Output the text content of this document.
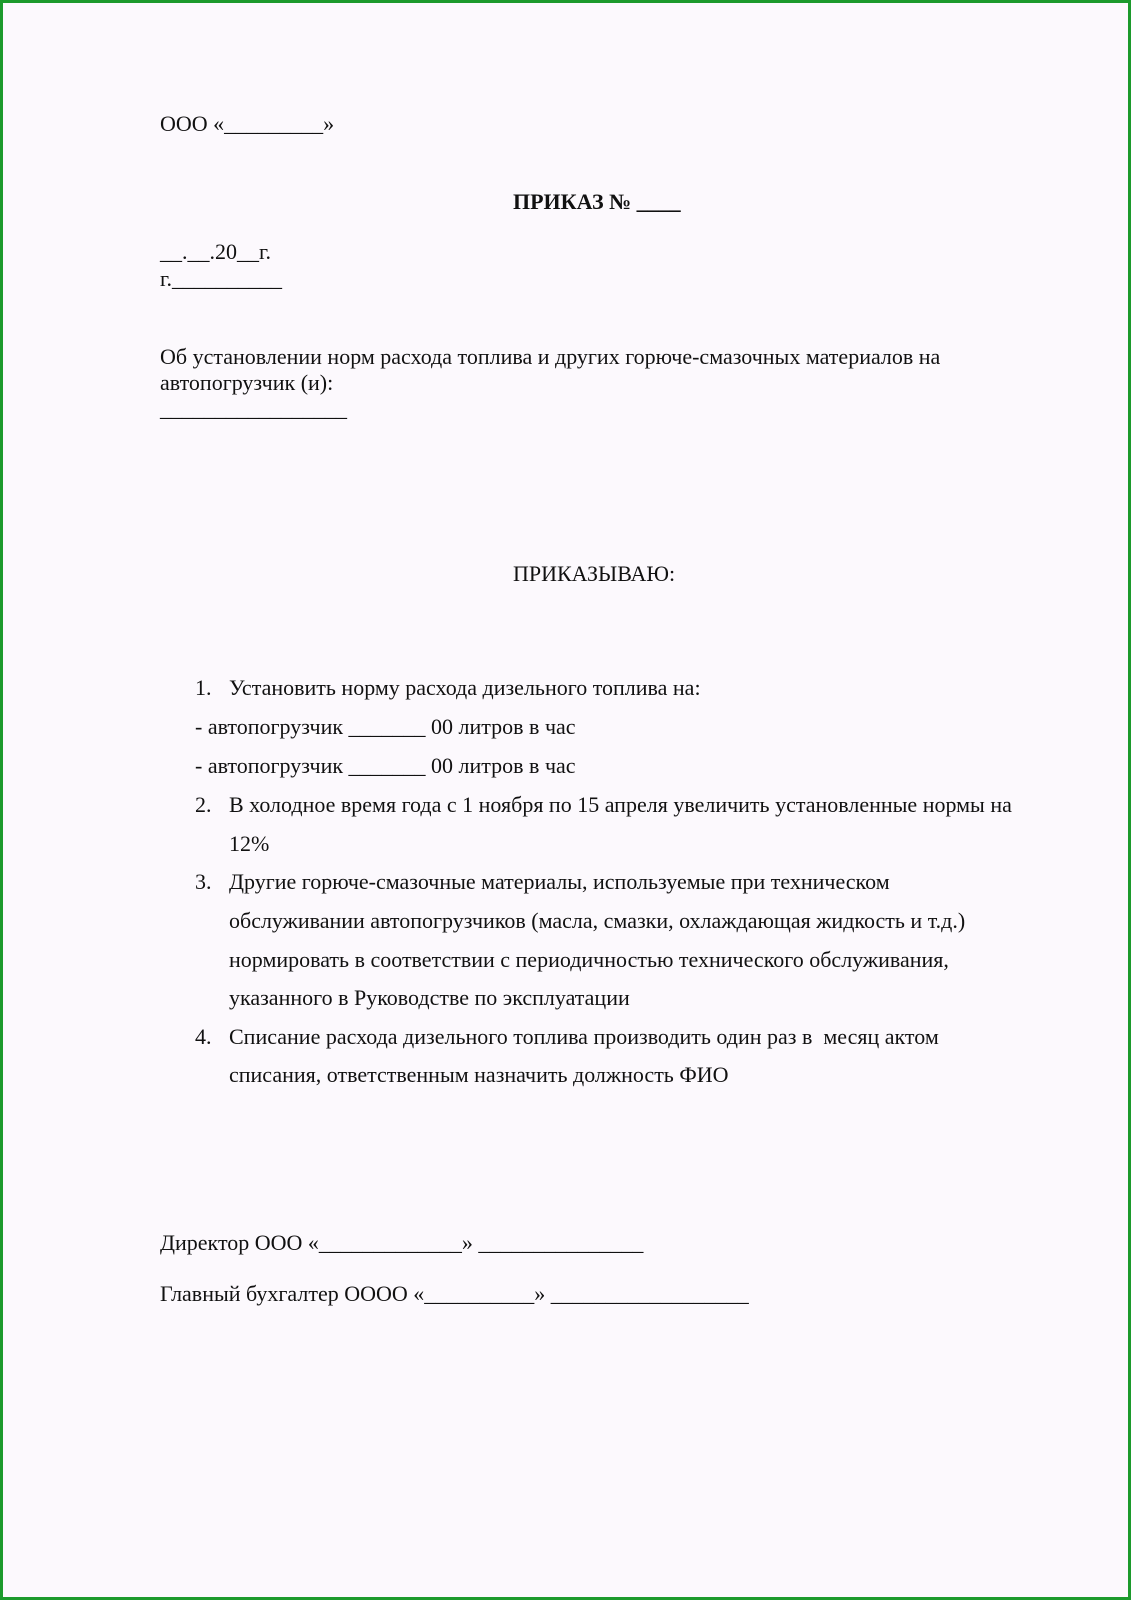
ООО «_________»
ПРИКАЗ № ____
__.__.20__г.
г.__________
Об установлении норм расхода топлива и других горюче-смазочных материалов на
автопогрузчик (и):
_________________
ПРИКАЗЫВАЮ:
1. Установить норму расхода дизельного топлива на:
- автопогрузчик _______ 00 литров в час
- автопогрузчик _______ 00 литров в час
2. В холодное время года с 1 ноября по 15 апреля увеличить установленные нормы на
12%
3. Другие горюче-смазочные материалы, используемые при техническом
обслуживании автопогрузчиков (масла, смазки, охлаждающая жидкость и т.д.)
нормировать в соответствии с периодичностью технического обслуживания,
указанного в Руководстве по эксплуатации
4. Списание расхода дизельного топлива производить один раз в  месяц актом
списания, ответственным назначить должность ФИО
Директор ООО «_____________» _______________
Главный бухгалтер ОООО «__________» __________________
